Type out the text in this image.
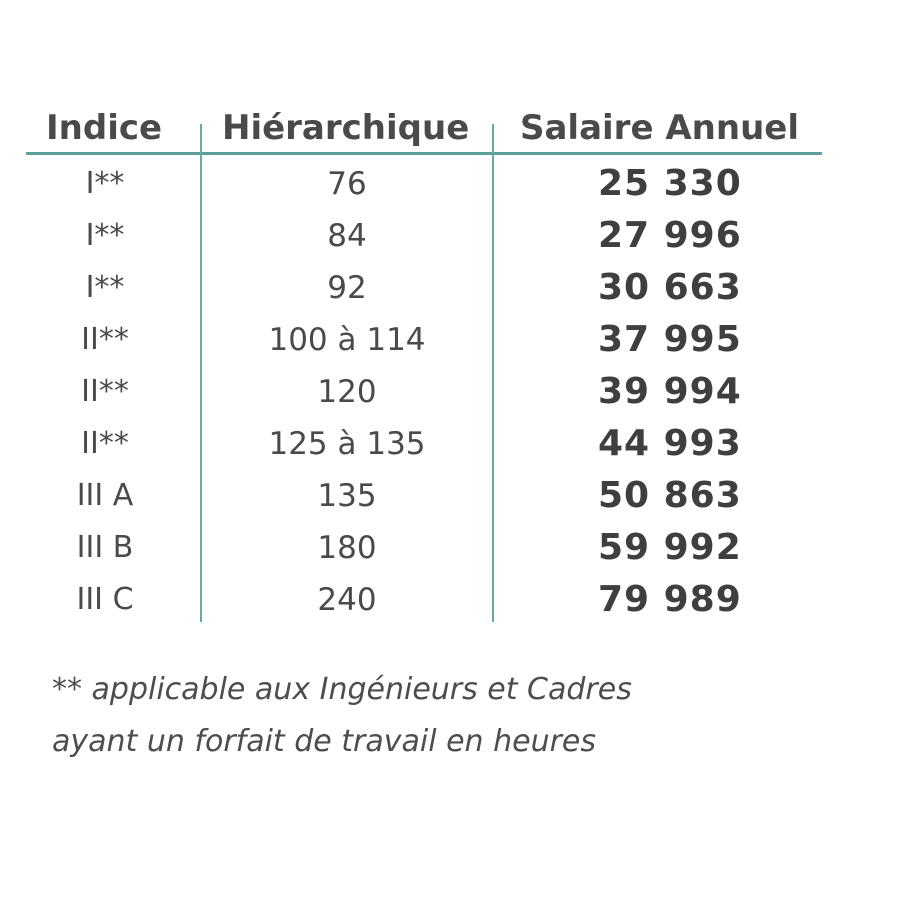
Indice Hiérarchique Salaire Annuel
I**	76	25 330
I**	84	27 996
I**	92	30 663
II**	100 à 114	37 995
II**	120	39 994
II**	125 à 135	44 993
III A	135	50 863
III B	180	59 992
III C	240	79 989
** applicable aux Ingénieurs et Cadres
ayant un forfait de travail en heures
